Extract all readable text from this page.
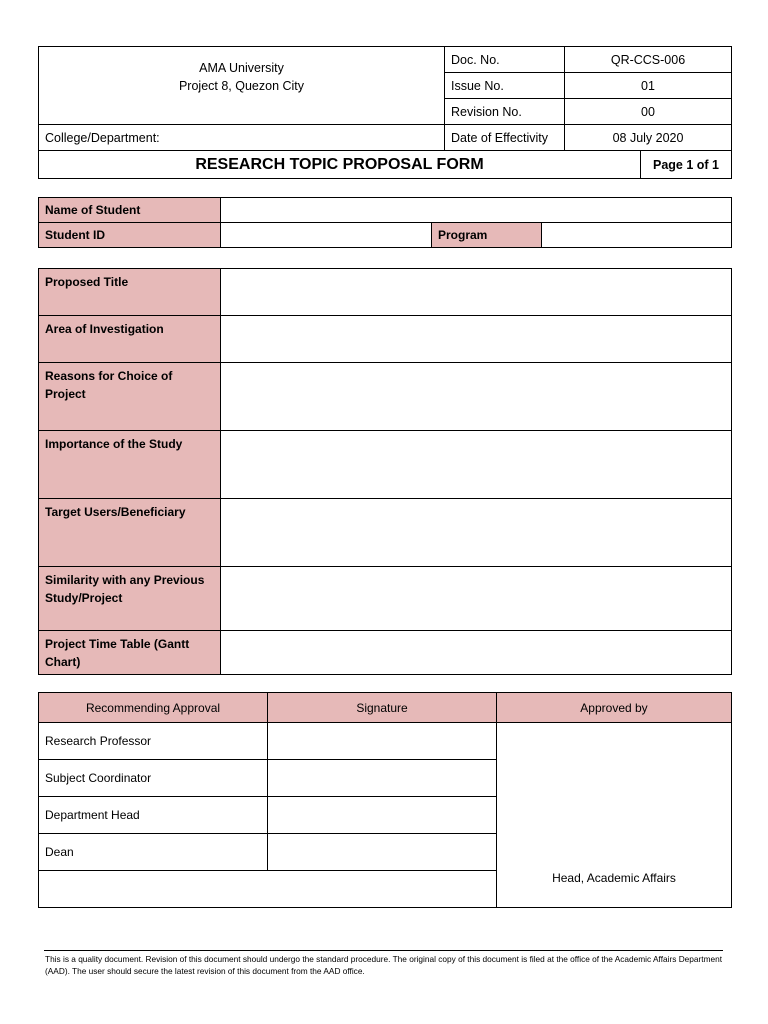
AMA University
Project 8, Quezon City	Doc. No.	QR-CCS-006	
	Issue No.	01	
	Revision No.	00	
College/Department:	Date of Effectivity	08 July 2020	
RESEARCH TOPIC PROPOSAL FORM			Page 1 of 1
Name of Student			
Student ID		Program	
Proposed Title	
Area of Investigation	
Reasons for Choice of Project	
Importance of the Study	
Target Users/Beneficiary	
Similarity with any Previous Study/Project	
Project Time Table (Gantt Chart)	
Recommending Approval	Signature	Approved by
Research Professor		Head, Academic Affairs
Subject Coordinator		
Department Head		
Dean		

This is a quality document. Revision of this document should undergo the standard procedure. The original copy of this document is filed at the office of the Academic Affairs Department (AAD). The user should secure the latest revision of this document from the AAD office.
